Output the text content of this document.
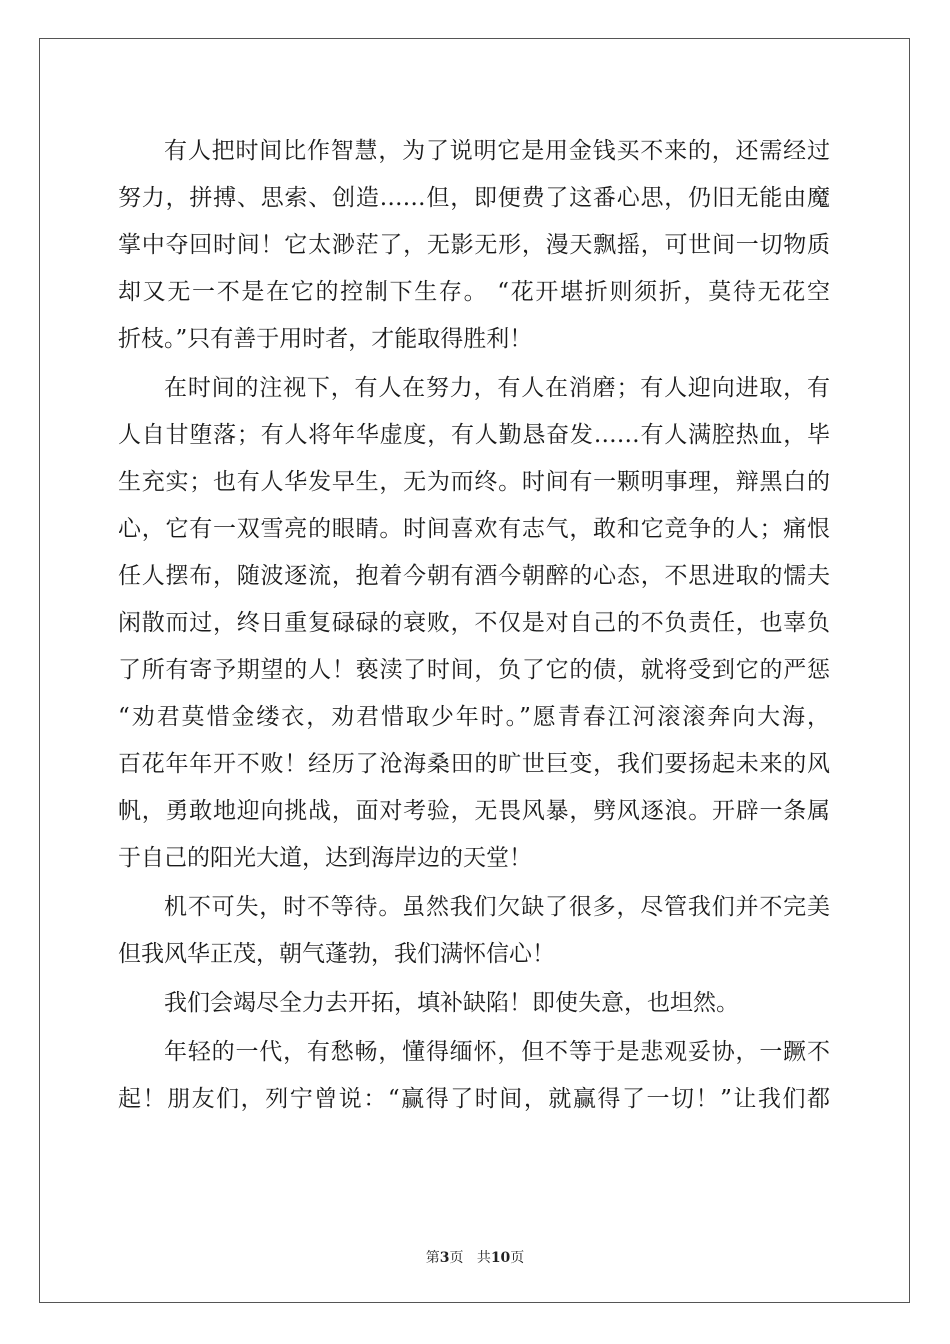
有人把时间比作智慧，为了说明它是用金钱买不来的，还需经过
努力，拼搏、思索、创造……但，即便费了这番心思，仍旧无能由魔
掌中夺回时间！它太渺茫了，无影无形，漫天飘摇，可世间一切物质
却又无一不是在它的控制下生存。 “花开堪折则须折，莫待无花空
折枝。”只有善于用时者，才能取得胜利！
在时间的注视下，有人在努力，有人在消磨；有人迎向进取，有
人自甘堕落；有人将年华虚度，有人勤恳奋发……有人满腔热血，毕
生充实；也有人华发早生，无为而终。时间有一颗明事理，辩黑白的
心，它有一双雪亮的眼睛。时间喜欢有志气，敢和它竞争的人；痛恨
任人摆布，随波逐流，抱着今朝有酒今朝醉的心态，不思进取的懦夫
闲散而过，终日重复碌碌的衰败，不仅是对自己的不负责任，也辜负
了所有寄予期望的人！亵渎了时间，负了它的债，就将受到它的严惩
“劝君莫惜金缕衣，劝君惜取少年时。”愿青春江河滚滚奔向大海，
百花年年开不败！经历了沧海桑田的旷世巨变，我们要扬起未来的风
帆，勇敢地迎向挑战，面对考验，无畏风暴，劈风逐浪。开辟一条属
于自己的阳光大道，达到海岸边的天堂！
机不可失，时不等待。虽然我们欠缺了很多，尽管我们并不完美
但我风华正茂，朝气蓬勃，我们满怀信心！
我们会竭尽全力去开拓，填补缺陷！即使失意，也坦然。
年轻的一代，有愁畅，懂得缅怀，但不等于是悲观妥协，一蹶不
起！朋友们，列宁曾说：“赢得了时间，就赢得了一切！”让我们都
第3页 共10页
